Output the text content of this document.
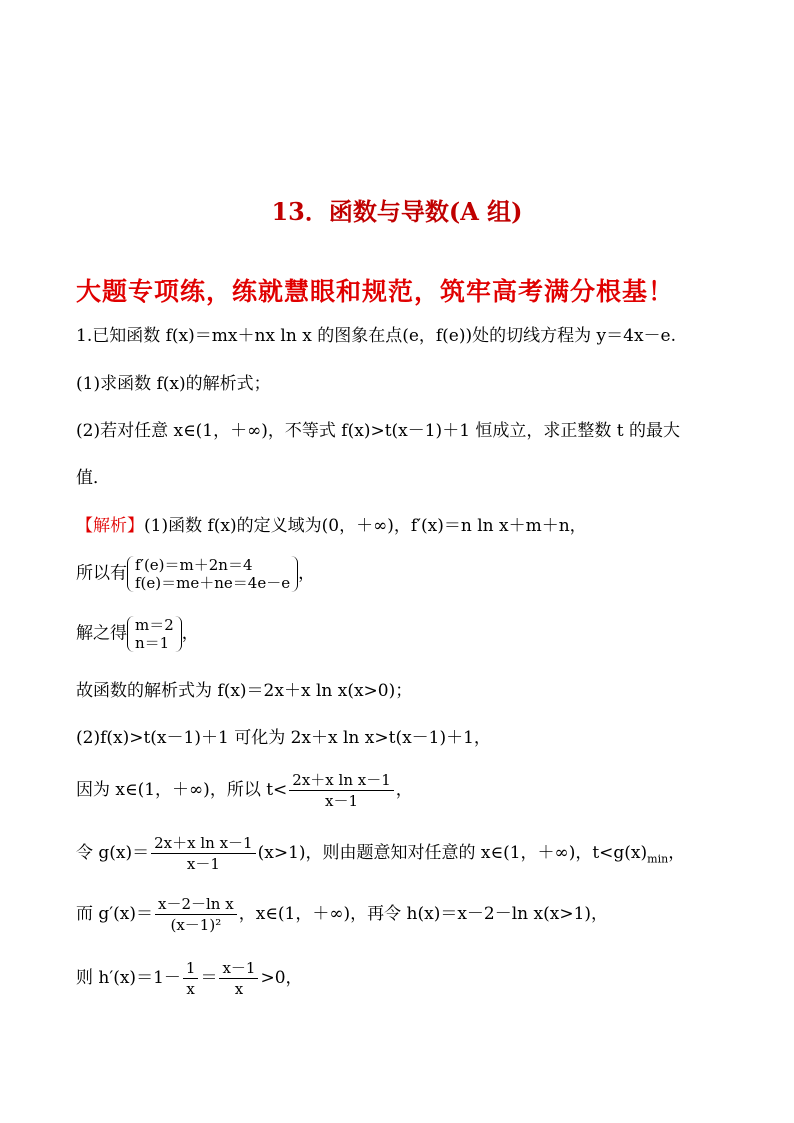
13．函数与导数(A 组)
大题专项练，练就慧眼和规范，筑牢高考满分根基！
1.已知函数 f(x)＝mx＋nx ln x 的图象在点(e，f(e))处的切线方程为 y＝4x－e.
(1)求函数 f(x)的解析式；
(2)若对任意 x∈(1，＋∞)，不等式 f(x)>t(x－1)＋1 恒成立，求正整数 t 的最大
值．
【解析】(1)函数 f(x)的定义域为(0，＋∞)，f′(x)＝n ln x＋m＋n，
所以有 f′(e)＝m＋2n＝4
f(e)＝me＋ne＝4e－e ，
解之得 m＝2
n＝1 ，
故函数的解析式为 f(x)＝2x＋x ln x(x>0)；
(2)f(x)>t(x－1)＋1 可化为 2x＋x ln x>t(x－1)＋1，
因为 x∈(1，＋∞)，所以 $t< \frac{\text{2x＋x ln x－1}}{x-1}$ ，
令 $g(x)= \frac{\text{2x＋x ln x－1}}{x-1} (x>1)$，则由题意知对任意的 x∈(1，＋∞)，$t<g(x)_{min}$，
而 $g'(x)= \frac{\text{x－2－ln x}}{\text{(x－1)²}}$ ，x∈(1，＋∞)，再令 h(x)＝x－2－ln x(x>1)，
则 $h'(x)=1- \frac{1}{x} = \frac{x-1}{x} >0$，
